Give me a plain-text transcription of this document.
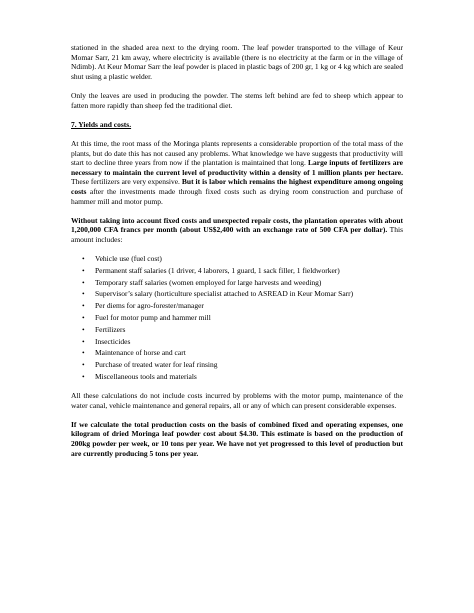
stationed in the shaded area next to the drying room. The leaf powder transported to the village of Keur Momar Sarr, 21 km away, where electricity is available (there is no electricity at the farm or in the village of Ndimb). At Keur Momar Sarr the leaf powder is placed in plastic bags of 200 gr, 1 kg or 4 kg which are sealed shut using a plastic welder.

Only the leaves are used in producing the powder. The stems left behind are fed to sheep which appear to fatten more rapidly than sheep fed the traditional diet.

7. Yields and costs.

At this time, the root mass of the Moringa plants represents a considerable proportion of the total mass of the plants, but do date this has not caused any problems. What knowledge we have suggests that productivity will start to decline three years from now if the plantation is maintained that long. Large inputs of fertilizers are necessary to maintain the current level of productivity within a density of 1 million plants per hectare. These fertilizers are very expensive. But it is labor which remains the highest expenditure among ongoing costs after the investments made through fixed costs such as drying room construction and purchase of hammer mill and motor pump.

Without taking into account fixed costs and unexpected repair costs, the plantation operates with about 1,200,000 CFA francs per month (about US$2,400 with an exchange rate of 500 CFA per dollar). This amount includes:

• Vehicle use (fuel cost)
• Permanent staff salaries (1 driver, 4 laborers, 1 guard, 1 sack filler, 1 fieldworker)
• Temporary staff salaries (women employed for large harvests and weeding)
• Supervisor’s salary (horticulture specialist attached to ASREAD in Keur Momar Sarr)
• Per diems for agro-forester/manager
• Fuel for motor pump and hammer mill
• Fertilizers
• Insecticides
• Maintenance of horse and cart
• Purchase of treated water for leaf rinsing
• Miscellaneous tools and materials

All these calculations do not include costs incurred by problems with the motor pump, maintenance of the water canal, vehicle maintenance and general repairs, all or any of which can present considerable expenses.

If we calculate the total production costs on the basis of combined fixed and operating expenses, one kilogram of dried Moringa leaf powder cost about $4.30. This estimate is based on the production of 200kg powder per week, or 10 tons per year. We have not yet progressed to this level of production but are currently producing 5 tons per year.
